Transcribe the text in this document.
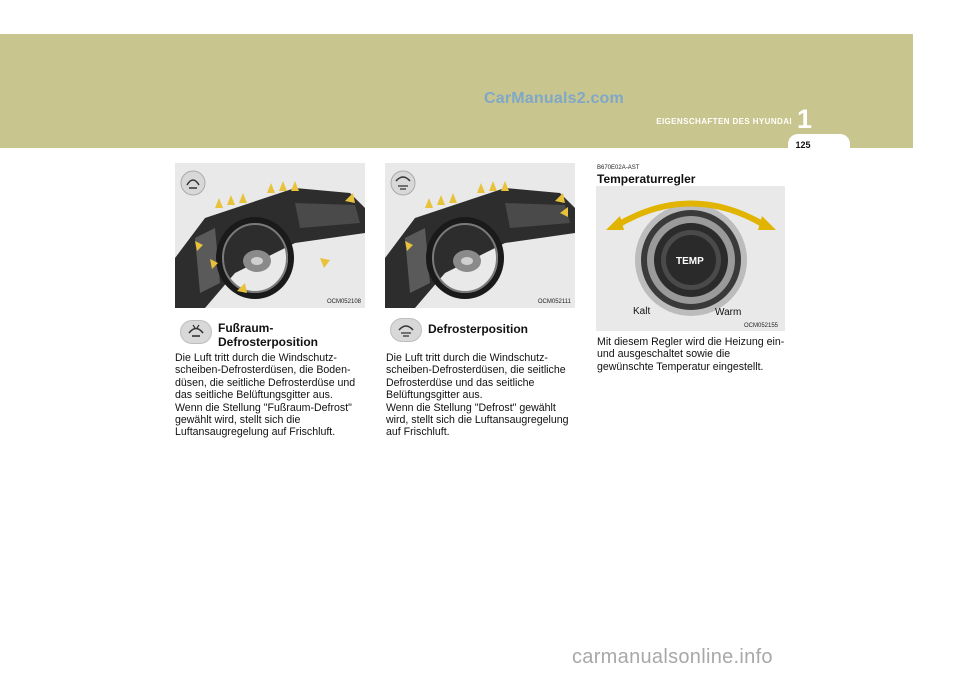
CarManuals2.com
EIGENSCHAFTEN DES HYUNDAI 1
125
OCM052108	OCM052111
Fußraum-
Defrosterposition
Die Luft tritt durch die Windschutz-
scheiben-Defrosterdüsen, die Boden-
düsen, die seitliche Defrosterdüse und
das seitliche Belüftungsgitter aus.
Wenn die Stellung "Fußraum-Defrost"
gewählt wird, stellt sich die
Luftansaugregelung auf Frischluft.
Defrosterposition
Die Luft tritt durch die Windschutz-
scheiben-Defrosterdüsen, die seitliche
Defrosterdüse und das seitliche
Belüftungsgitter aus.
Wenn die Stellung "Defrost" gewählt
wird, stellt sich die Luftansaugregelung
auf Frischluft.
B670E02A-AST
Temperaturregler
TEMP
Kalt	Warm
OCM052155
Mit diesem Regler wird die Heizung ein-
und ausgeschaltet sowie die
gewünschte Temperatur eingestellt.
carmanualsonline.info
